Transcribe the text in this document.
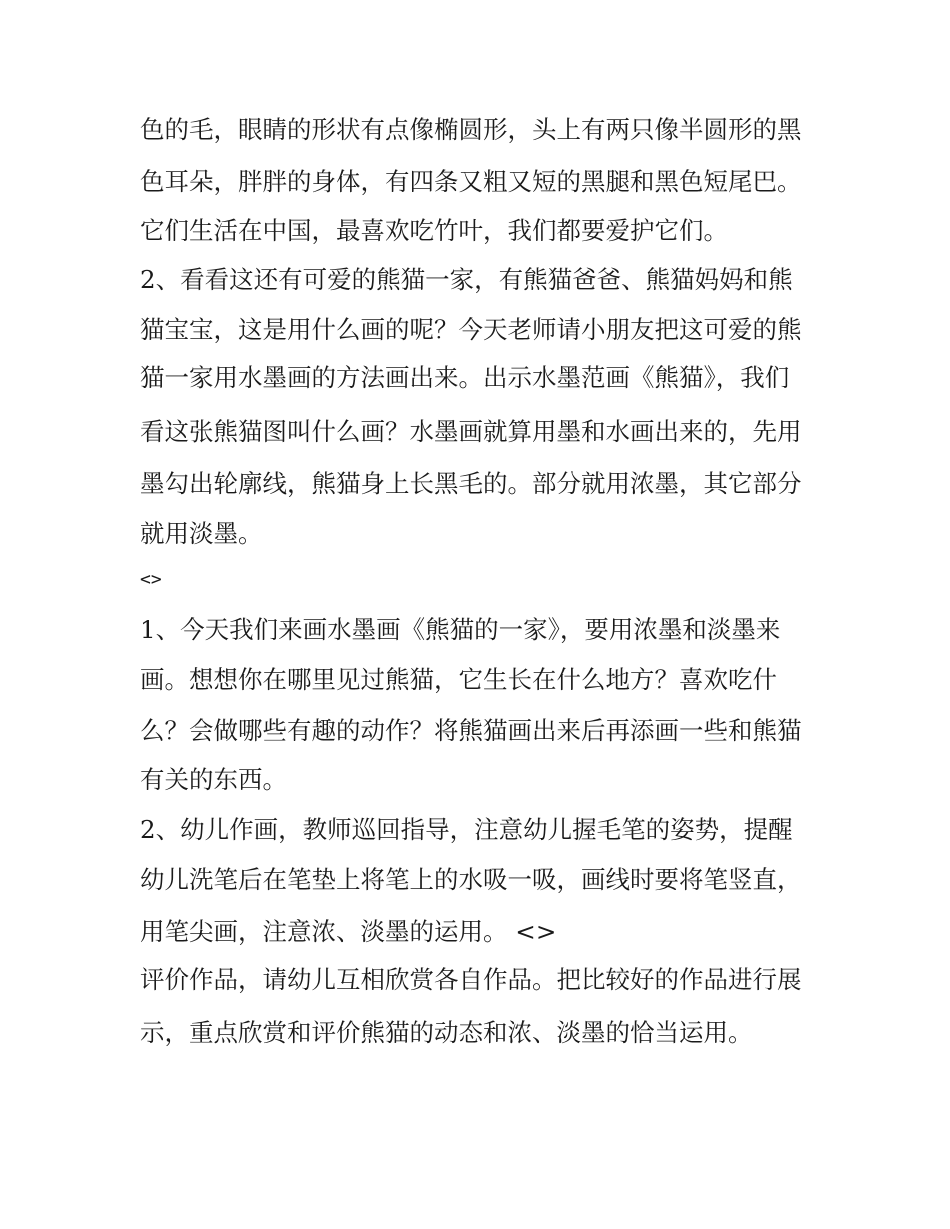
色的毛，眼睛的形状有点像椭圆形，头上有两只像半圆形的黑

色耳朵，胖胖的身体，有四条又粗又短的黑腿和黑色短尾巴。

它们生活在中国，最喜欢吃竹叶，我们都要爱护它们。

2、看看这还有可爱的熊猫一家，有熊猫爸爸、熊猫妈妈和熊

猫宝宝，这是用什么画的呢？今天老师请小朋友把这可爱的熊

猫一家用水墨画的方法画出来。出示水墨范画《熊猫》，我们

看这张熊猫图叫什么画？水墨画就算用墨和水画出来的，先用

墨勾出轮廓线，熊猫身上长黑毛的。部分就用浓墨，其它部分

就用淡墨。

<>

1、今天我们来画水墨画《熊猫的一家》，要用浓墨和淡墨来

画。想想你在哪里见过熊猫，它生长在什么地方？喜欢吃什

么？会做哪些有趣的动作？将熊猫画出来后再添画一些和熊猫

有关的东西。

2、幼儿作画，教师巡回指导，注意幼儿握毛笔的姿势，提醒

幼儿洗笔后在笔垫上将笔上的水吸一吸，画线时要将笔竖直，

用笔尖画，注意浓、淡墨的运用。 <>

评价作品，请幼儿互相欣赏各自作品。把比较好的作品进行展

示，重点欣赏和评价熊猫的动态和浓、淡墨的恰当运用。
